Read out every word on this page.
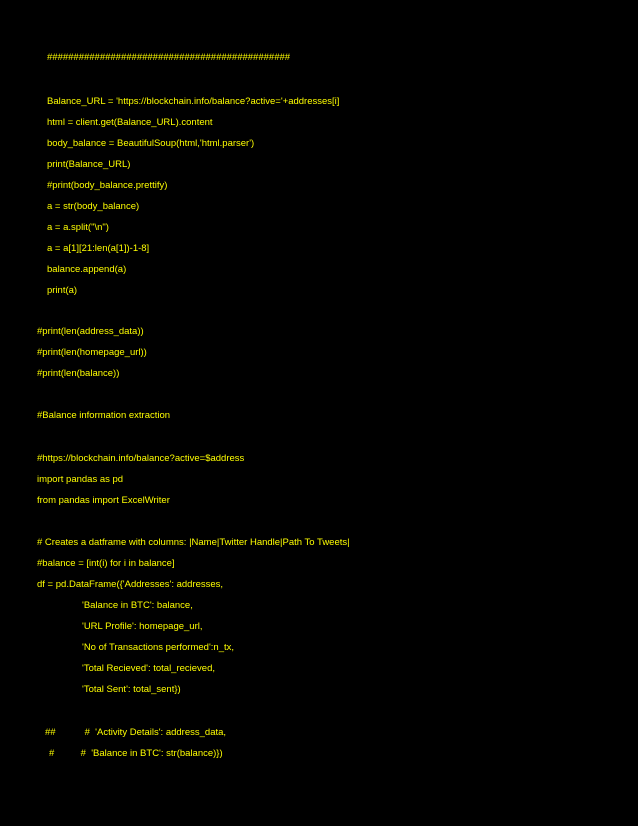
##############################################
Balance_URL = 'https://blockchain.info/balance?active='+addresses[i]
html = client.get(Balance_URL).content
body_balance = BeautifulSoup(html,'html.parser')
print(Balance_URL)
#print(body_balance.prettify)
a = str(body_balance)
a = a.split("\n")
a = a[1][21:len(a[1])-1-8]
balance.append(a)
print(a)
#print(len(address_data))
#print(len(homepage_url))
#print(len(balance))
#Balance information extraction
#https://blockchain.info/balance?active=$address
import pandas as pd
from pandas import ExcelWriter
# Creates a datframe with columns: |Name|Twitter Handle|Path To Tweets|
#balance = [int(i) for i in balance]
df = pd.DataFrame({'Addresses': addresses,
'Balance in BTC': balance,
'URL Profile': homepage_url,
'No of Transactions performed':n_tx,
'Total Recieved': total_recieved,
'Total Sent': total_sent})
##           #  'Activity Details': address_data,
#          #  'Balance in BTC': str(balance)})
